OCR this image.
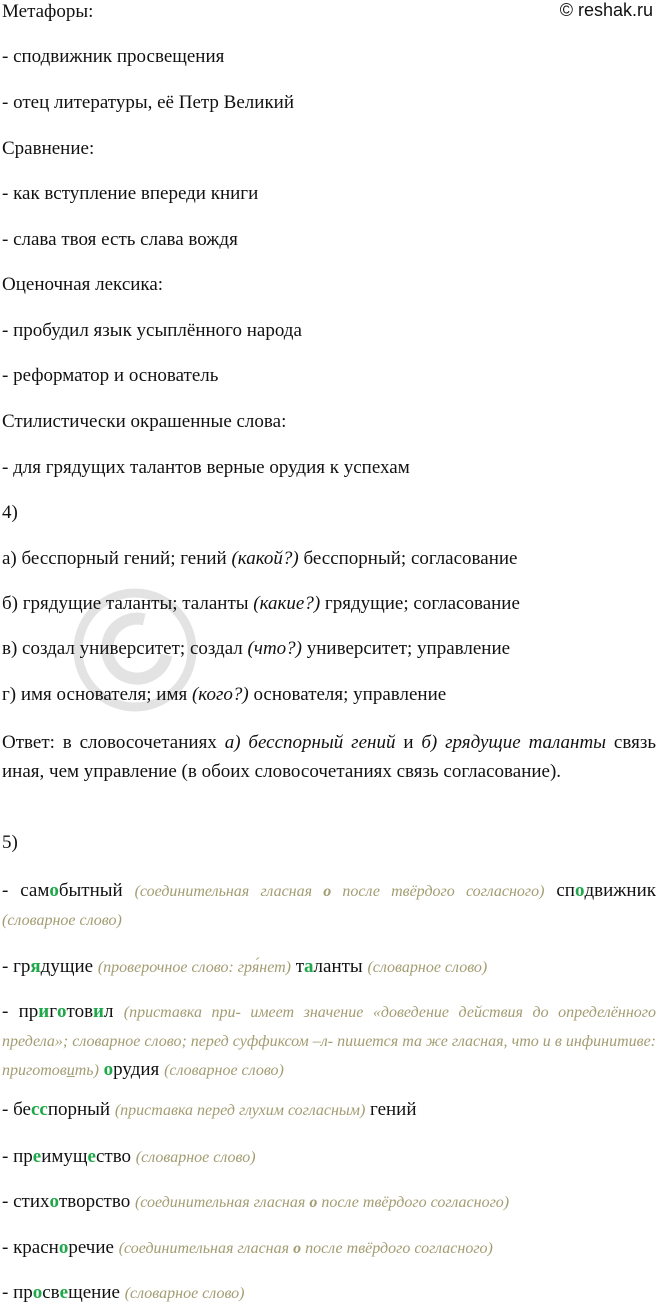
© reshak.ru
Метафоры:
- сподвижник просвещения
- отец литературы, её Петр Великий
Сравнение:
- как вступление впереди книги
- слава твоя есть слава вождя
Оценочная лексика:
- пробудил язык усыплённого народа
- реформатор и основатель
Стилистически окрашенные слова:
- для грядущих талантов верные орудия к успехам
4)
а) бесспорный гений; гений (какой?) бесспорный; согласование
б) грядущие таланты; таланты (какие?) грядущие; согласование
в) создал университет; создал (что?) университет; управление
г) имя основателя; имя (кого?) основателя; управление
Ответ: в словосочетаниях а) бесспорный гений и б) грядущие таланты связь иная, чем управление (в обоих словосочетаниях связь согласование).
5)
- самобытный (соединительная гласная о после твёрдого согласного) сподвижник (словарное слово)
- грядущие (проверочное слово: гря́нет) таланты (словарное слово)
- приготовил (приставка при- имеет значение «доведение действия до определённого предела»; словарное слово; перед суффиксом –л- пишется та же гласная, что и в инфинитиве: приготовить) орудия (словарное слово)
- бесспорный (приставка перед глухим согласным) гений
- преимущество (словарное слово)
- стихотворство (соединительная гласная о после твёрдого согласного)
- красноречие (соединительная гласная о после твёрдого согласного)
- просвещение (словарное слово)
